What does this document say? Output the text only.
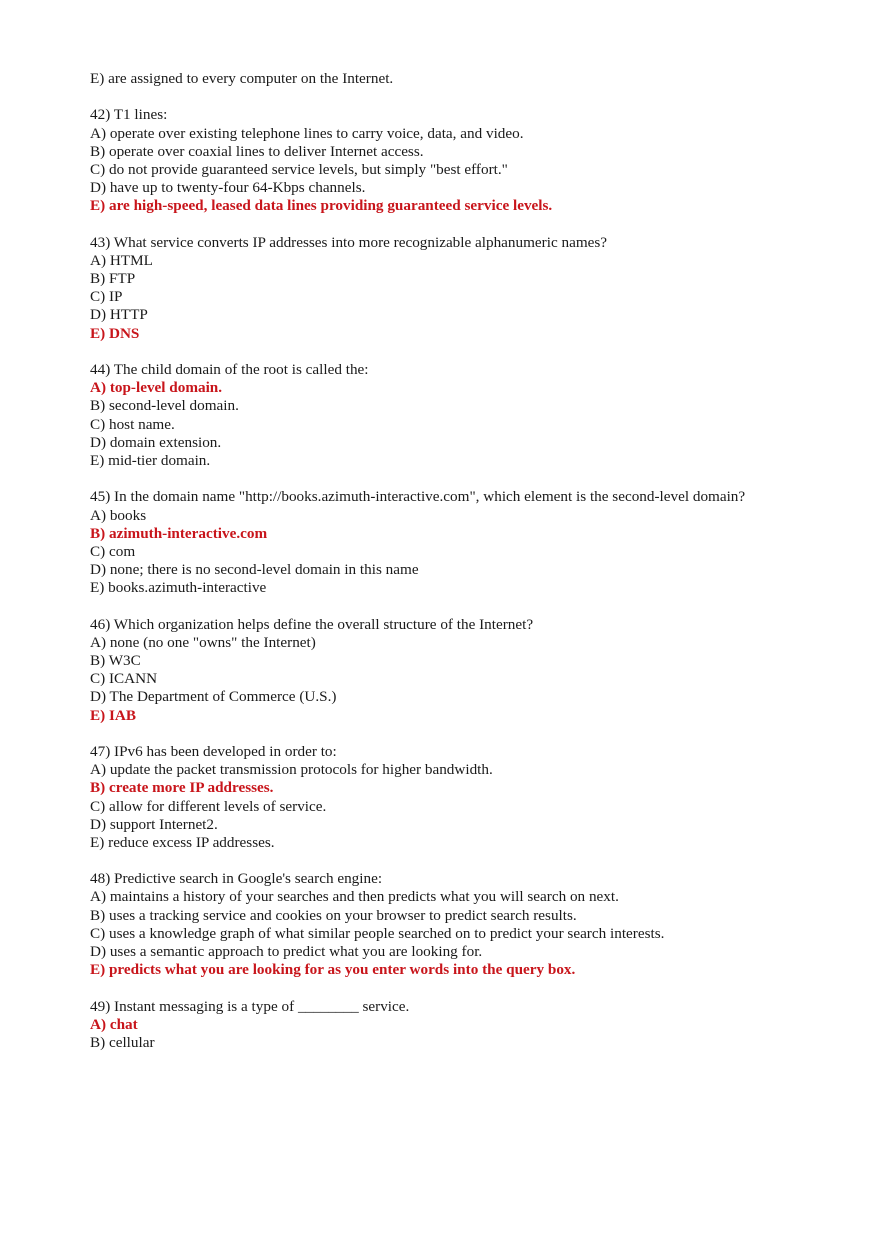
E) are assigned to every computer on the Internet.
42) T1 lines:
A) operate over existing telephone lines to carry voice, data, and video.
B) operate over coaxial lines to deliver Internet access.
C) do not provide guaranteed service levels, but simply "best effort."
D) have up to twenty-four 64-Kbps channels.
E) are high-speed, leased data lines providing guaranteed service levels.
43) What service converts IP addresses into more recognizable alphanumeric names?
A) HTML
B) FTP
C) IP
D) HTTP
E) DNS
44) The child domain of the root is called the:
A) top-level domain.
B) second-level domain.
C) host name.
D) domain extension.
E) mid-tier domain.
45) In the domain name "http://books.azimuth-interactive.com", which element is the second-level domain?
A) books
B) azimuth-interactive.com
C) com
D) none; there is no second-level domain in this name
E) books.azimuth-interactive
46) Which organization helps define the overall structure of the Internet?
A) none (no one "owns" the Internet)
B) W3C
C) ICANN
D) The Department of Commerce (U.S.)
E) IAB
47) IPv6 has been developed in order to:
A) update the packet transmission protocols for higher bandwidth.
B) create more IP addresses.
C) allow for different levels of service.
D) support Internet2.
E) reduce excess IP addresses.
48) Predictive search in Google's search engine:
A) maintains a history of your searches and then predicts what you will search on next.
B) uses a tracking service and cookies on your browser to predict search results.
C) uses a knowledge graph of what similar people searched on to predict your search interests.
D) uses a semantic approach to predict what you are looking for.
E) predicts what you are looking for as you enter words into the query box.
49) Instant messaging is a type of ________ service.
A) chat
B) cellular
